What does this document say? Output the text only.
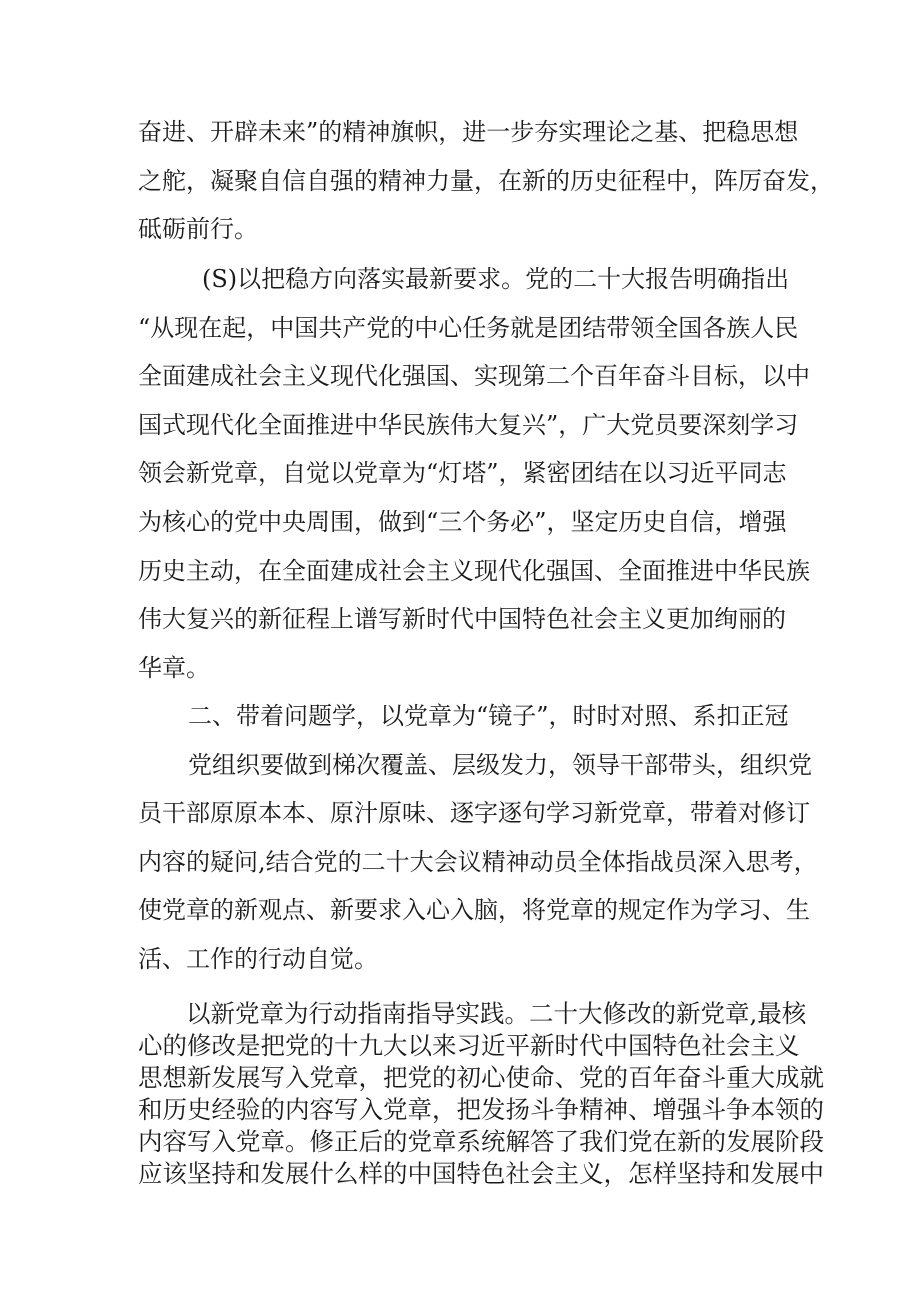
奋进、开辟未来”的精神旗帜，进一步夯实理论之基、把稳思想
之舵，凝聚自信自强的精神力量，在新的历史征程中，阵厉奋发，
砥砺前行。
(S)以把稳方向落实最新要求。党的二十大报告明确指出
“从现在起，中国共产党的中心任务就是团结带领全国各族人民
全面建成社会主义现代化强国、实现第二个百年奋斗目标，以中
国式现代化全面推进中华民族伟大复兴”，广大党员要深刻学习
领会新党章，自觉以党章为“灯塔”，紧密团结在以习近平同志
为核心的党中央周围，做到“三个务必”，坚定历史自信，增强
历史主动，在全面建成社会主义现代化强国、全面推进中华民族
伟大复兴的新征程上谱写新时代中国特色社会主义更加绚丽的
华章。
二、带着问题学，以党章为“镜子”，时时对照、系扣正冠
党组织要做到梯次覆盖、层级发力，领导干部带头，组织党
员干部原原本本、原汁原味、逐字逐句学习新党章，带着对修订
内容的疑问,结合党的二十大会议精神动员全体指战员深入思考，
使党章的新观点、新要求入心入脑，将党章的规定作为学习、生
活、工作的行动自觉。
以新党章为行动指南指导实践。二十大修改的新党章,最核
心的修改是把党的十九大以来习近平新时代中国特色社会主义
思想新发展写入党章，把党的初心使命、党的百年奋斗重大成就
和历史经验的内容写入党章，把发扬斗争精神、增强斗争本领的
内容写入党章。修正后的党章系统解答了我们党在新的发展阶段
应该坚持和发展什么样的中国特色社会主义，怎样坚持和发展中
